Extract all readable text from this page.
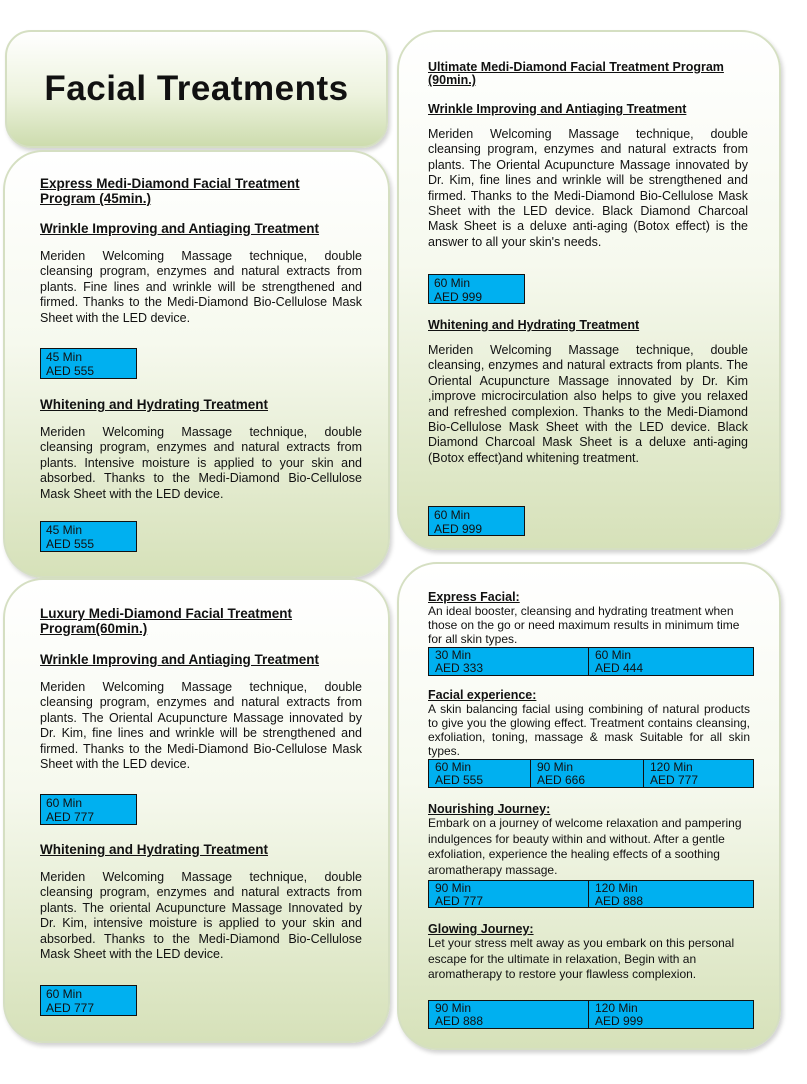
Facial Treatments

Express Medi-Diamond Facial Treatment
Program (45min.)

Wrinkle Improving and Antiaging Treatment

Meriden Welcoming Massage technique, double cleansing program, enzymes and natural extracts from plants. Fine lines and wrinkle will be strengthened and firmed. Thanks to the Medi-Diamond Bio-Cellulose Mask Sheet with the LED device.

45 Min
AED 555

Whitening and Hydrating Treatment

Meriden Welcoming Massage technique, double cleansing program, enzymes and natural extracts from plants. Intensive moisture is applied to your skin and absorbed. Thanks to the Medi-Diamond Bio-Cellulose Mask Sheet with the LED device.

45 Min
AED 555

Luxury Medi-Diamond Facial Treatment
Program(60min.)

Wrinkle Improving and Antiaging Treatment

Meriden Welcoming Massage technique, double cleansing program, enzymes and natural extracts from plants. The Oriental Acupuncture Massage innovated by Dr. Kim, fine lines and wrinkle will be strengthened and firmed. Thanks to the Medi-Diamond Bio-Cellulose Mask Sheet with the LED device.

60 Min
AED 777

Whitening and Hydrating Treatment

Meriden Welcoming Massage technique, double cleansing program, enzymes and natural extracts from plants. The oriental Acupuncture Massage Innovated by Dr. Kim, intensive moisture is applied to your skin and absorbed. Thanks to the Medi-Diamond Bio-Cellulose Mask Sheet with the LED device.

60 Min
AED 777

Ultimate Medi-Diamond Facial Treatment Program
(90min.)

Wrinkle Improving and Antiaging Treatment

Meriden Welcoming Massage technique, double cleansing program, enzymes and natural extracts from plants. The Oriental Acupuncture Massage innovated by Dr. Kim, fine lines and wrinkle will be strengthened and firmed. Thanks to the Medi-Diamond Bio-Cellulose Mask Sheet with the LED device. Black Diamond Charcoal Mask Sheet is a deluxe anti-aging (Botox effect) is the answer to all your skin's needs.

60 Min
AED 999

Whitening and Hydrating Treatment

Meriden Welcoming Massage technique, double cleansing, enzymes and natural extracts from plants. The Oriental Acupuncture Massage innovated by Dr. Kim ,improve microcirculation also helps to give you relaxed and refreshed complexion. Thanks to the Medi-Diamond Bio-Cellulose Mask Sheet with the LED device. Black Diamond Charcoal Mask Sheet is a deluxe anti-aging (Botox effect)and whitening treatment.

60 Min
AED 999

Express Facial:

An ideal booster, cleansing and hydrating treatment when those on the go or need maximum results in minimum time for all skin types.

30 Min
AED 333
60 Min
AED 444

Facial experience:

A skin balancing facial using combining of natural products to give you the glowing effect. Treatment contains cleansing, exfoliation, toning, massage & mask Suitable for all skin types.

60 Min
AED 555
90 Min
AED 666
120 Min
AED 777

Nourishing Journey:

Embark on a journey of welcome relaxation and pampering indulgences for beauty within and without. After a gentle exfoliation, experience the healing effects of a soothing aromatherapy massage.

90 Min
AED 777
120 Min
AED 888

Glowing Journey:

Let your stress melt away as you embark on this personal escape for the ultimate in relaxation, Begin with an aromatherapy to restore your flawless complexion.

90 Min
AED 888
120 Min
AED 999
